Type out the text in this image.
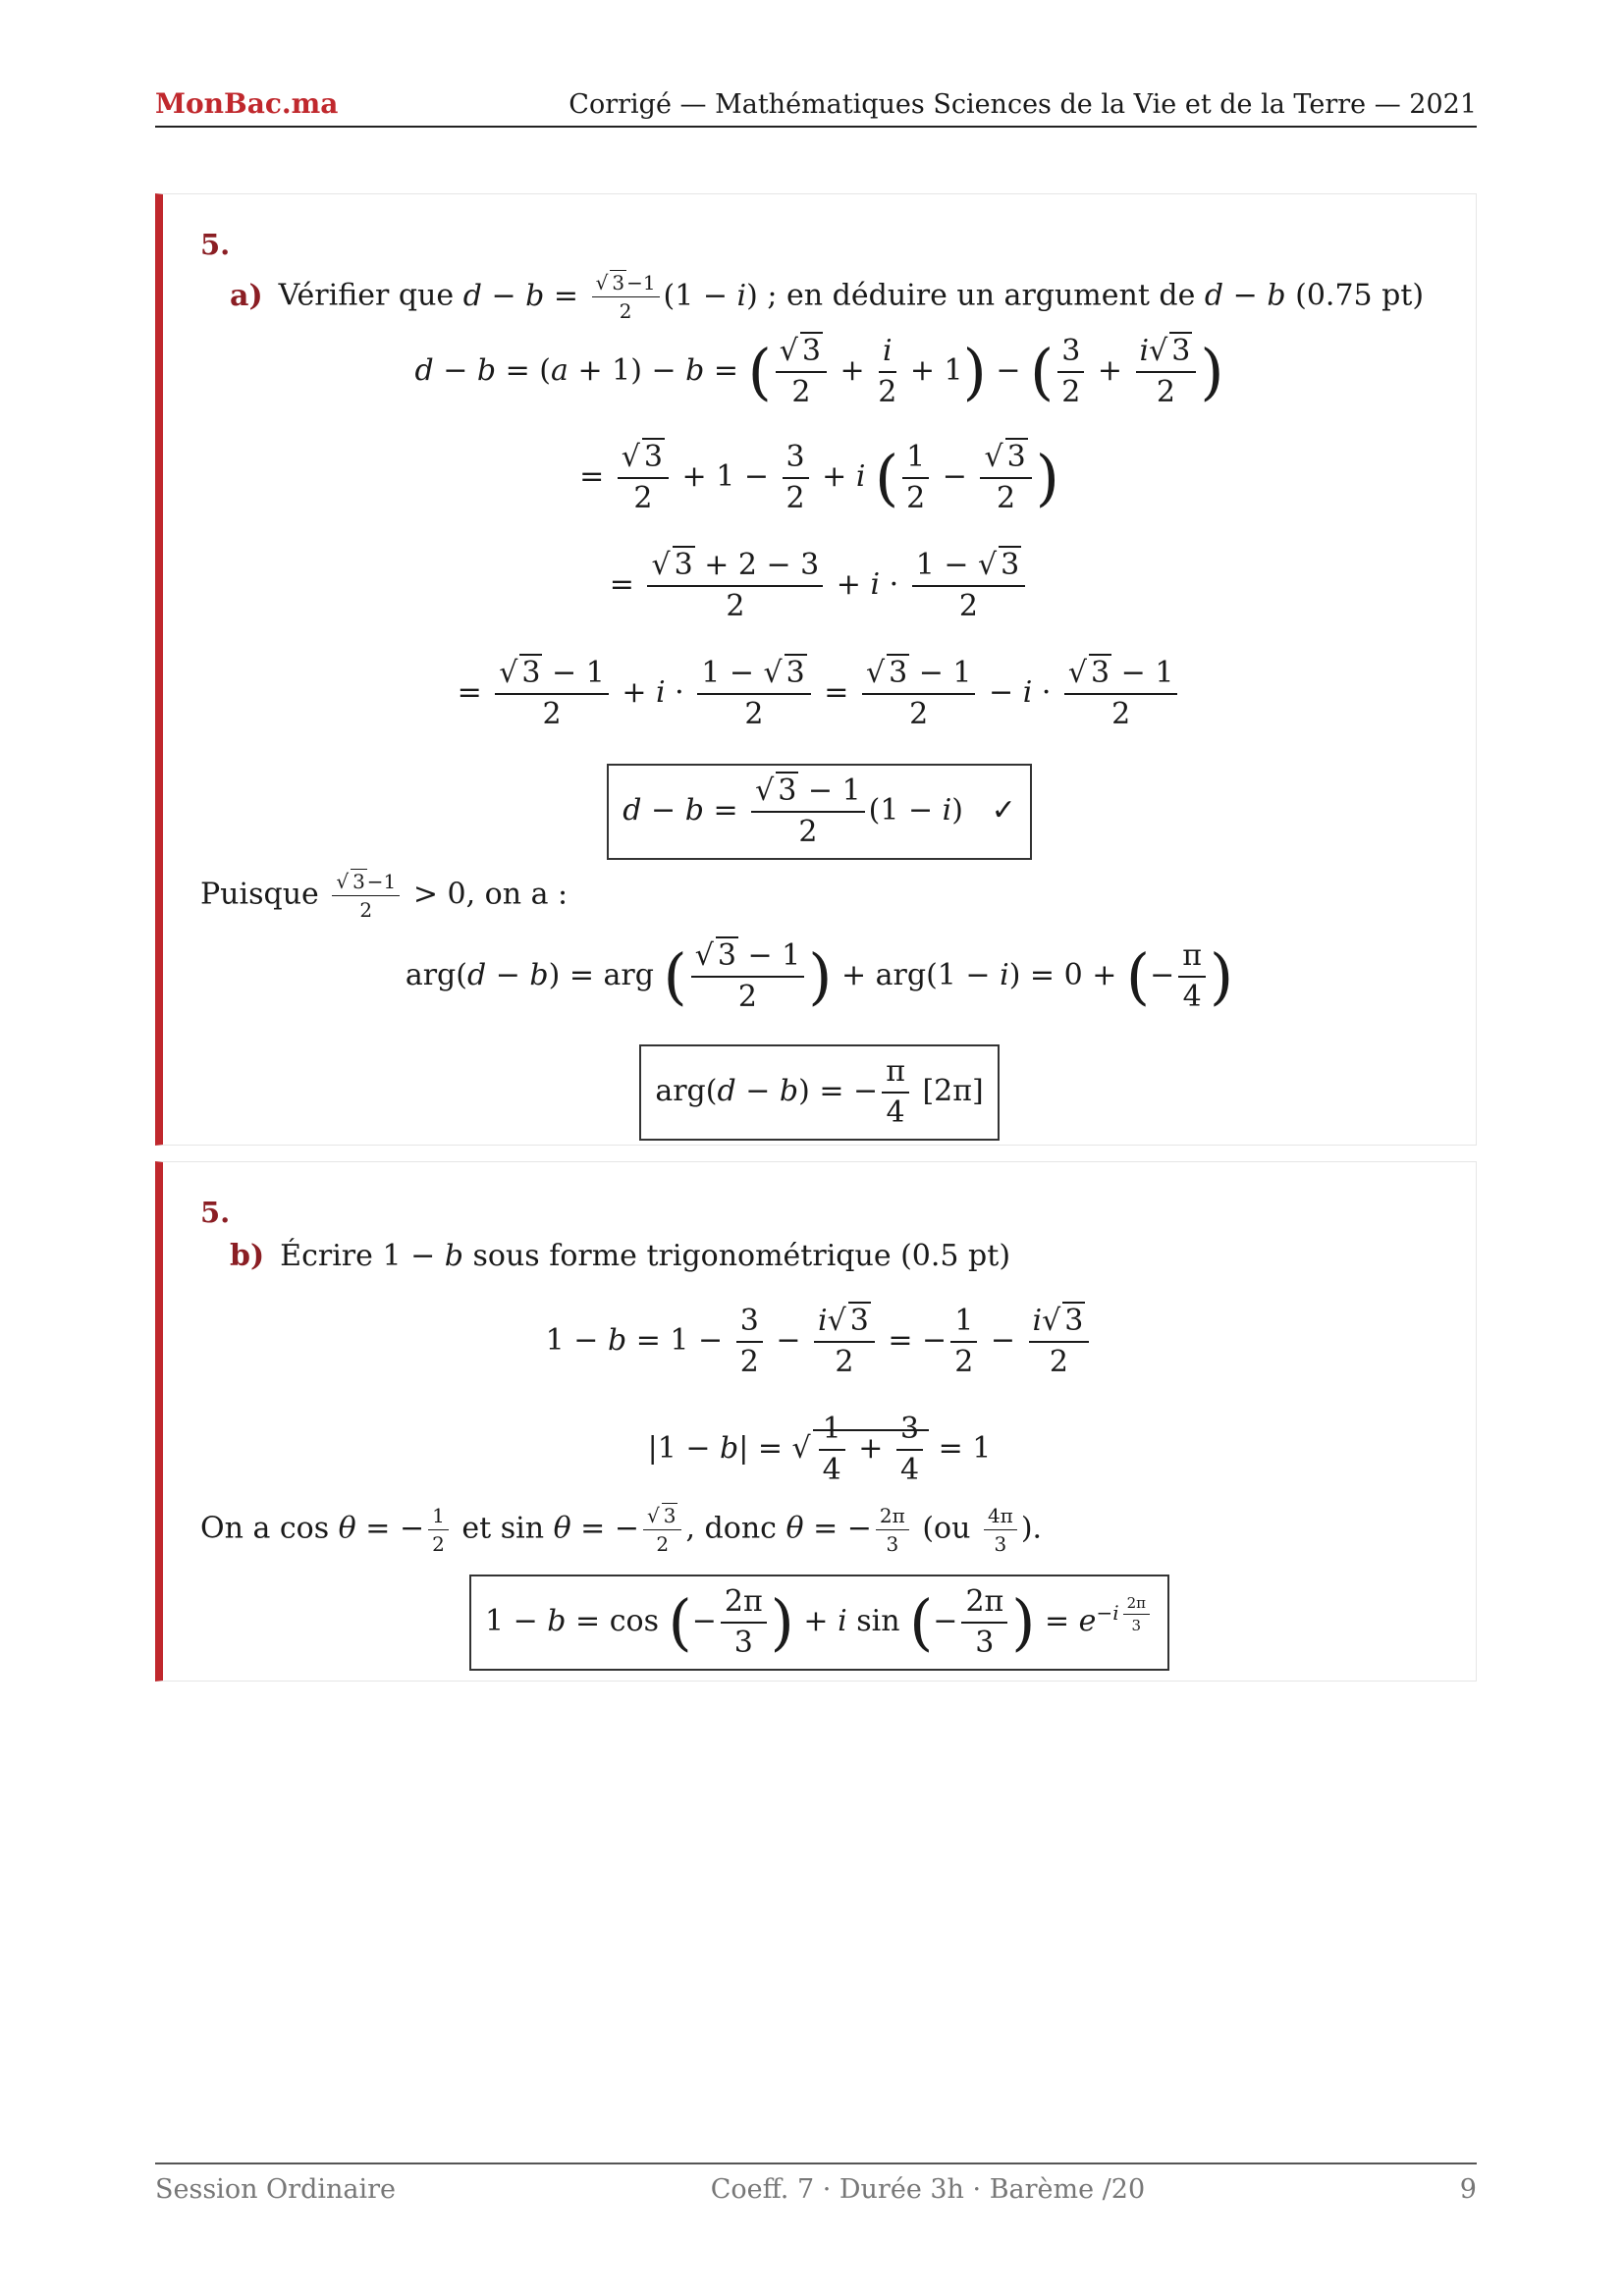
MonBac.ma	Corrigé — Mathématiques Sciences de la Vie et de la Terre — 2021
5.
a) Vérifier que $d - b = \frac{√ 3 -1}{2} (1 - i)$ ; en déduire un argument de d − b (0.75 pt)
d − b = (a + 1) − b = ( $\frac{√ 3}{2} + \frac{i}{2} + 1$) − ( $\frac{3}{2} + \frac{i√ 3}{2}$ )
= $\frac{√ 3}{2} + 1 - \frac{3}{2} + i$ ( $\frac{1}{2} - \frac{√ 3}{2}$ )
= $\frac{√ 3 + 2 - 3}{2} + i \cdot \frac{1 - √ 3}{2}$
= $\frac{√ 3 - 1}{2} + i \cdot \frac{1 - √ 3}{2} = \frac{√ 3 - 1}{2} - i \cdot \frac{√ 3 - 1}{2}$
$d - b = \frac{√ 3 - 1}{2} (1 - i)$   ✓
Puisque $\frac{√ 3 -1}{2} > 0$, on a :
arg(d − b) = arg ( $\frac{√ 3 - 1}{2}$ ) + arg(1 − i) = 0 + (− $\frac{\pi}{4}$ )
arg(d − b) = − $\frac{\pi}{4} [2\pi]$
5.
b) Écrire 1 − b sous forme trigonométrique (0.5 pt)
$1 - b = 1 - \frac{3}{2} - \frac{i√ 3}{2}$ = − $\frac{1}{2} - \frac{i√ 3}{2}$
|1 − b| = √ $\frac{1}{4} + \frac{3}{4} = 1$
On a cos θ = − $\frac{1}{2}$ et sin θ = − $\frac{√ 3}{2}$ , donc θ = − $\frac{2\pi}{3} (ou \frac{4\pi}{3}$ ).
1 − b = cos (− $\frac{2\pi}{3}$ ) + i sin (− $\frac{2\pi}{3}$ ) = $e^{-i \frac{2\pi}{3}}$
Session Ordinaire	Coeff. 7 · Durée 3h · Barème /20	9
